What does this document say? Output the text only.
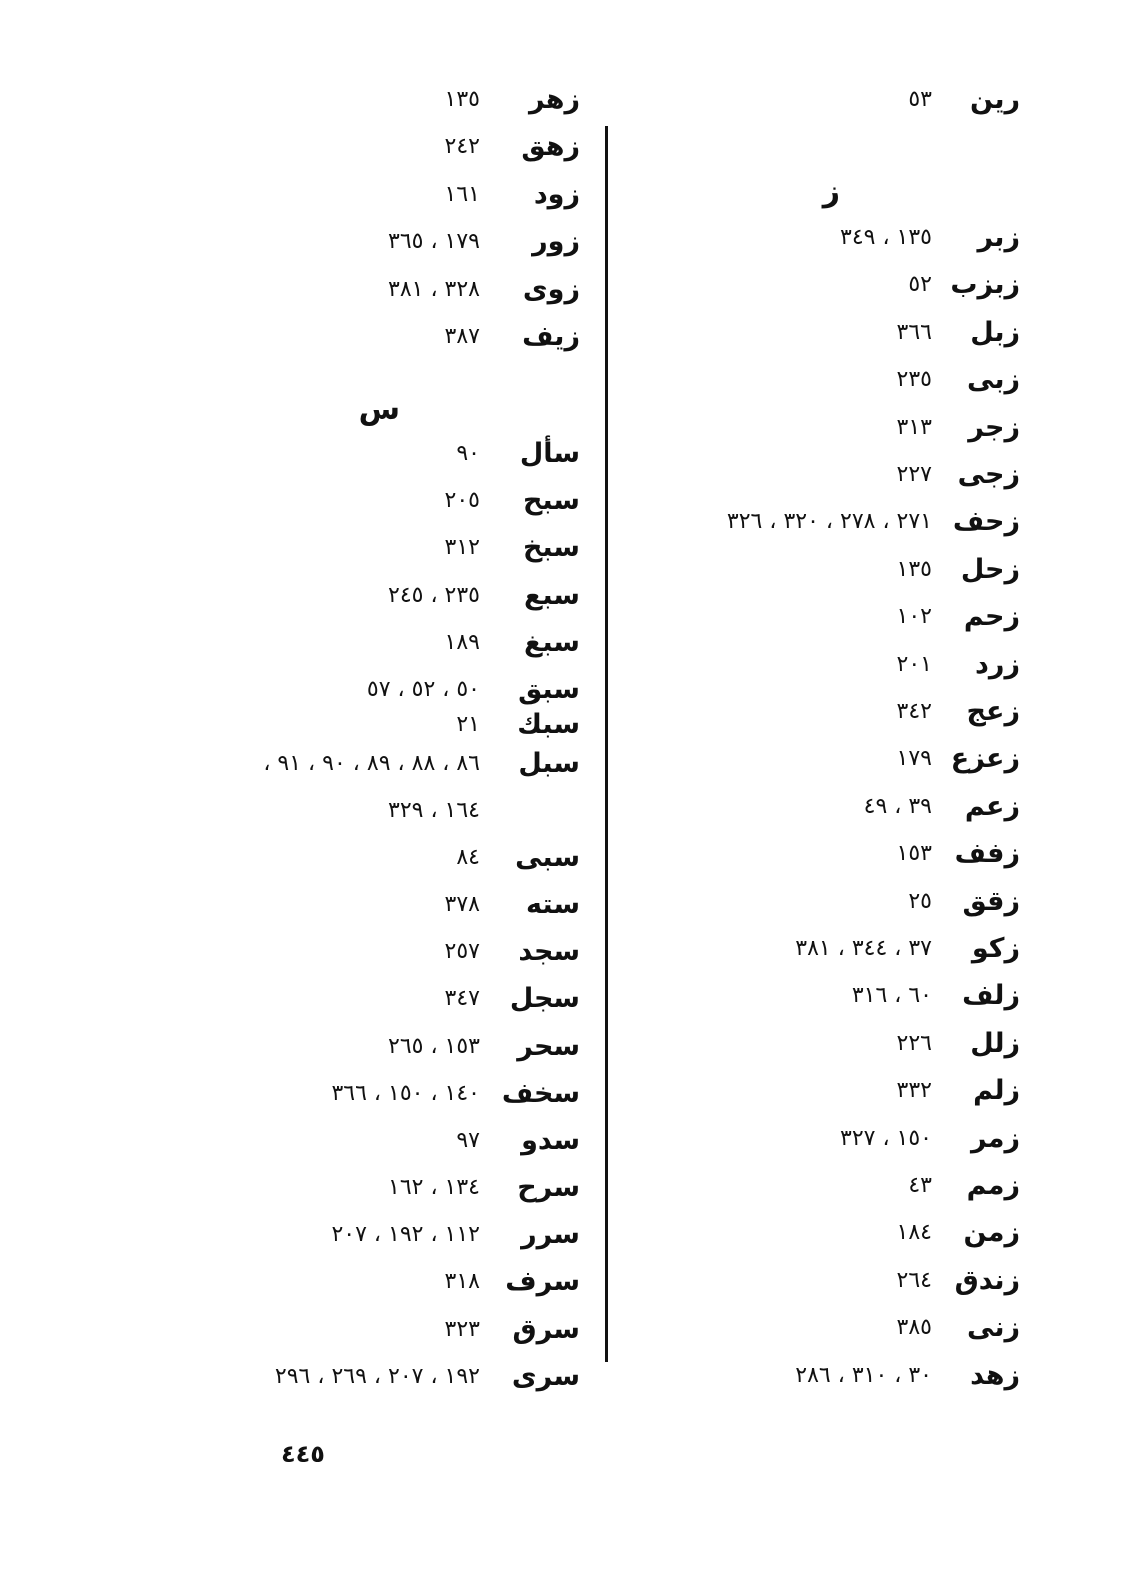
رين
٥٣
ز
زبر
١٣٥ ، ٣٤٩
زبزب
٥٢
زبل
٣٦٦
زبى
٢٣٥
زجر
٣١٣
زجى
٢٢٧
زحف
٢٧١ ، ٢٧٨ ، ٣٢٠ ، ٣٢٦
زحل
١٣٥
زحم
١٠٢
زرد
٢٠١
زعج
٣٤٢
زعزع
١٧٩
زعم
٣٩ ، ٤٩
زفف
١٥٣
زقق
٢٥
زكو
٣٧ ، ٣٤٤ ، ٣٨١
زلف
٦٠ ، ٣١٦
زلل
٢٢٦
زلم
٣٣٢
زمر
١٥٠ ، ٣٢٧
زمم
٤٣
زمن
١٨٤
زندق
٢٦٤
زنى
٣٨٥
زهد
٣٠ ، ٣١٠ ، ٢٨٦
زهر
١٣٥
زهق
٢٤٢
زود
١٦١
زور
١٧٩ ، ٣٦٥
زوى
٣٢٨ ، ٣٨١
زيف
٣٨٧
س
سأل
٩٠
سبح
٢٠٥
سبخ
٣١٢
سبع
٢٣٥ ، ٢٤٥
سبغ
١٨٩
سبق
٥٠ ، ٥٢ ، ٥٧
سبك
٢١
سبل
٨٦ ، ٨٨ ، ٨٩ ، ٩٠ ، ٩١ ،
١٦٤ ، ٣٢٩
سبى
٨٤
سته
٣٧٨
سجد
٢٥٧
سجل
٣٤٧
سحر
١٥٣ ، ٢٦٥
سخف
١٤٠ ، ١٥٠ ، ٣٦٦
سدو
٩٧
سرح
١٣٤ ، ١٦٢
سرر
١١٢ ، ١٩٢ ، ٢٠٧
سرف
٣١٨
سرق
٣٢٣
سرى
١٩٢ ، ٢٠٧ ، ٢٦٩ ، ٢٩٦
٤٤٥
